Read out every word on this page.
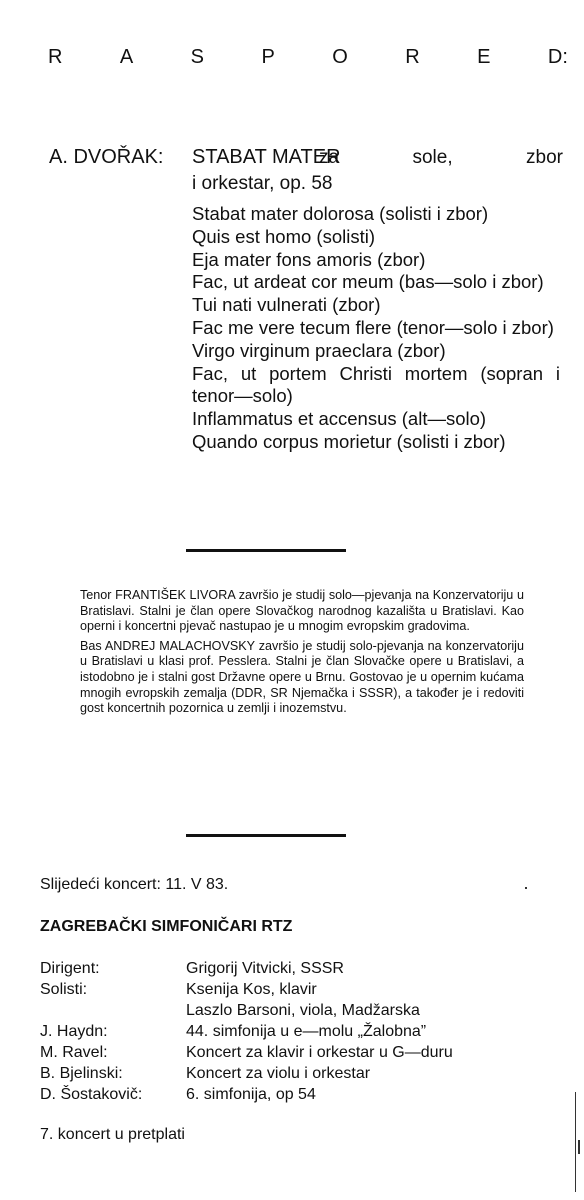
R	A	S	P	O	R	E	D:
A. DVOŘAK: STABAT MATER
za sole, zbor
i orkestar, op. 58
Stabat mater dolorosa (solisti i zbor)
Quis est homo (solisti)
Eja mater fons amoris (zbor)
Fac, ut ardeat cor meum (bas—solo i zbor)
Tui nati vulnerati (zbor)
Fac me vere tecum flere (tenor—solo i zbor)
Virgo virginum praeclara (zbor)
Fac, ut portem Christi mortem (sopran i tenor—solo)
Inflammatus et accensus (alt—solo)
Quando corpus morietur (solisti i zbor)

Tenor FRANTIŠEK LIVORA završio je studij solo—pjevanja na Konzervatoriju u Bratislavi. Stalni je član opere Slovačkog narodnog kazališta u Bratislavi. Kao operni i koncertni pjevač nastupao je u mnogim evropskim gradovima.

Bas ANDREJ MALACHOVSKY završio je studij solo-pjevanja na konzervatoriju u Bratislavi u klasi prof. Pesslera. Stalni je član Slovačke opere u Bratislavi, a istodobno je i stalni gost Državne opere u Brnu. Gostovao je u opernim kućama mnogih evropskih zemalja (DDR, SR Njemačka i SSSR), a također je i redoviti gost koncertnih pozornica u zemlji i inozemstvu.

Slijedeći koncert: 11. V 83.
ZAGREBAČKI SIMFONIČARI RTZ
Dirigent:	Grigorij Vitvicki, SSSR
Solisti:	Ksenija Kos, klavir
Laszlo Barsoni, viola, Madžarska
J. Haydn:	44. simfonija u e—molu „Žalobna”
M. Ravel:	Koncert za klavir i orkestar u G—duru
B. Bjelinski:	Koncert za violu i orkestar
D. Šostakovič:	6. simfonija, op 54
7. koncert u pretplati
